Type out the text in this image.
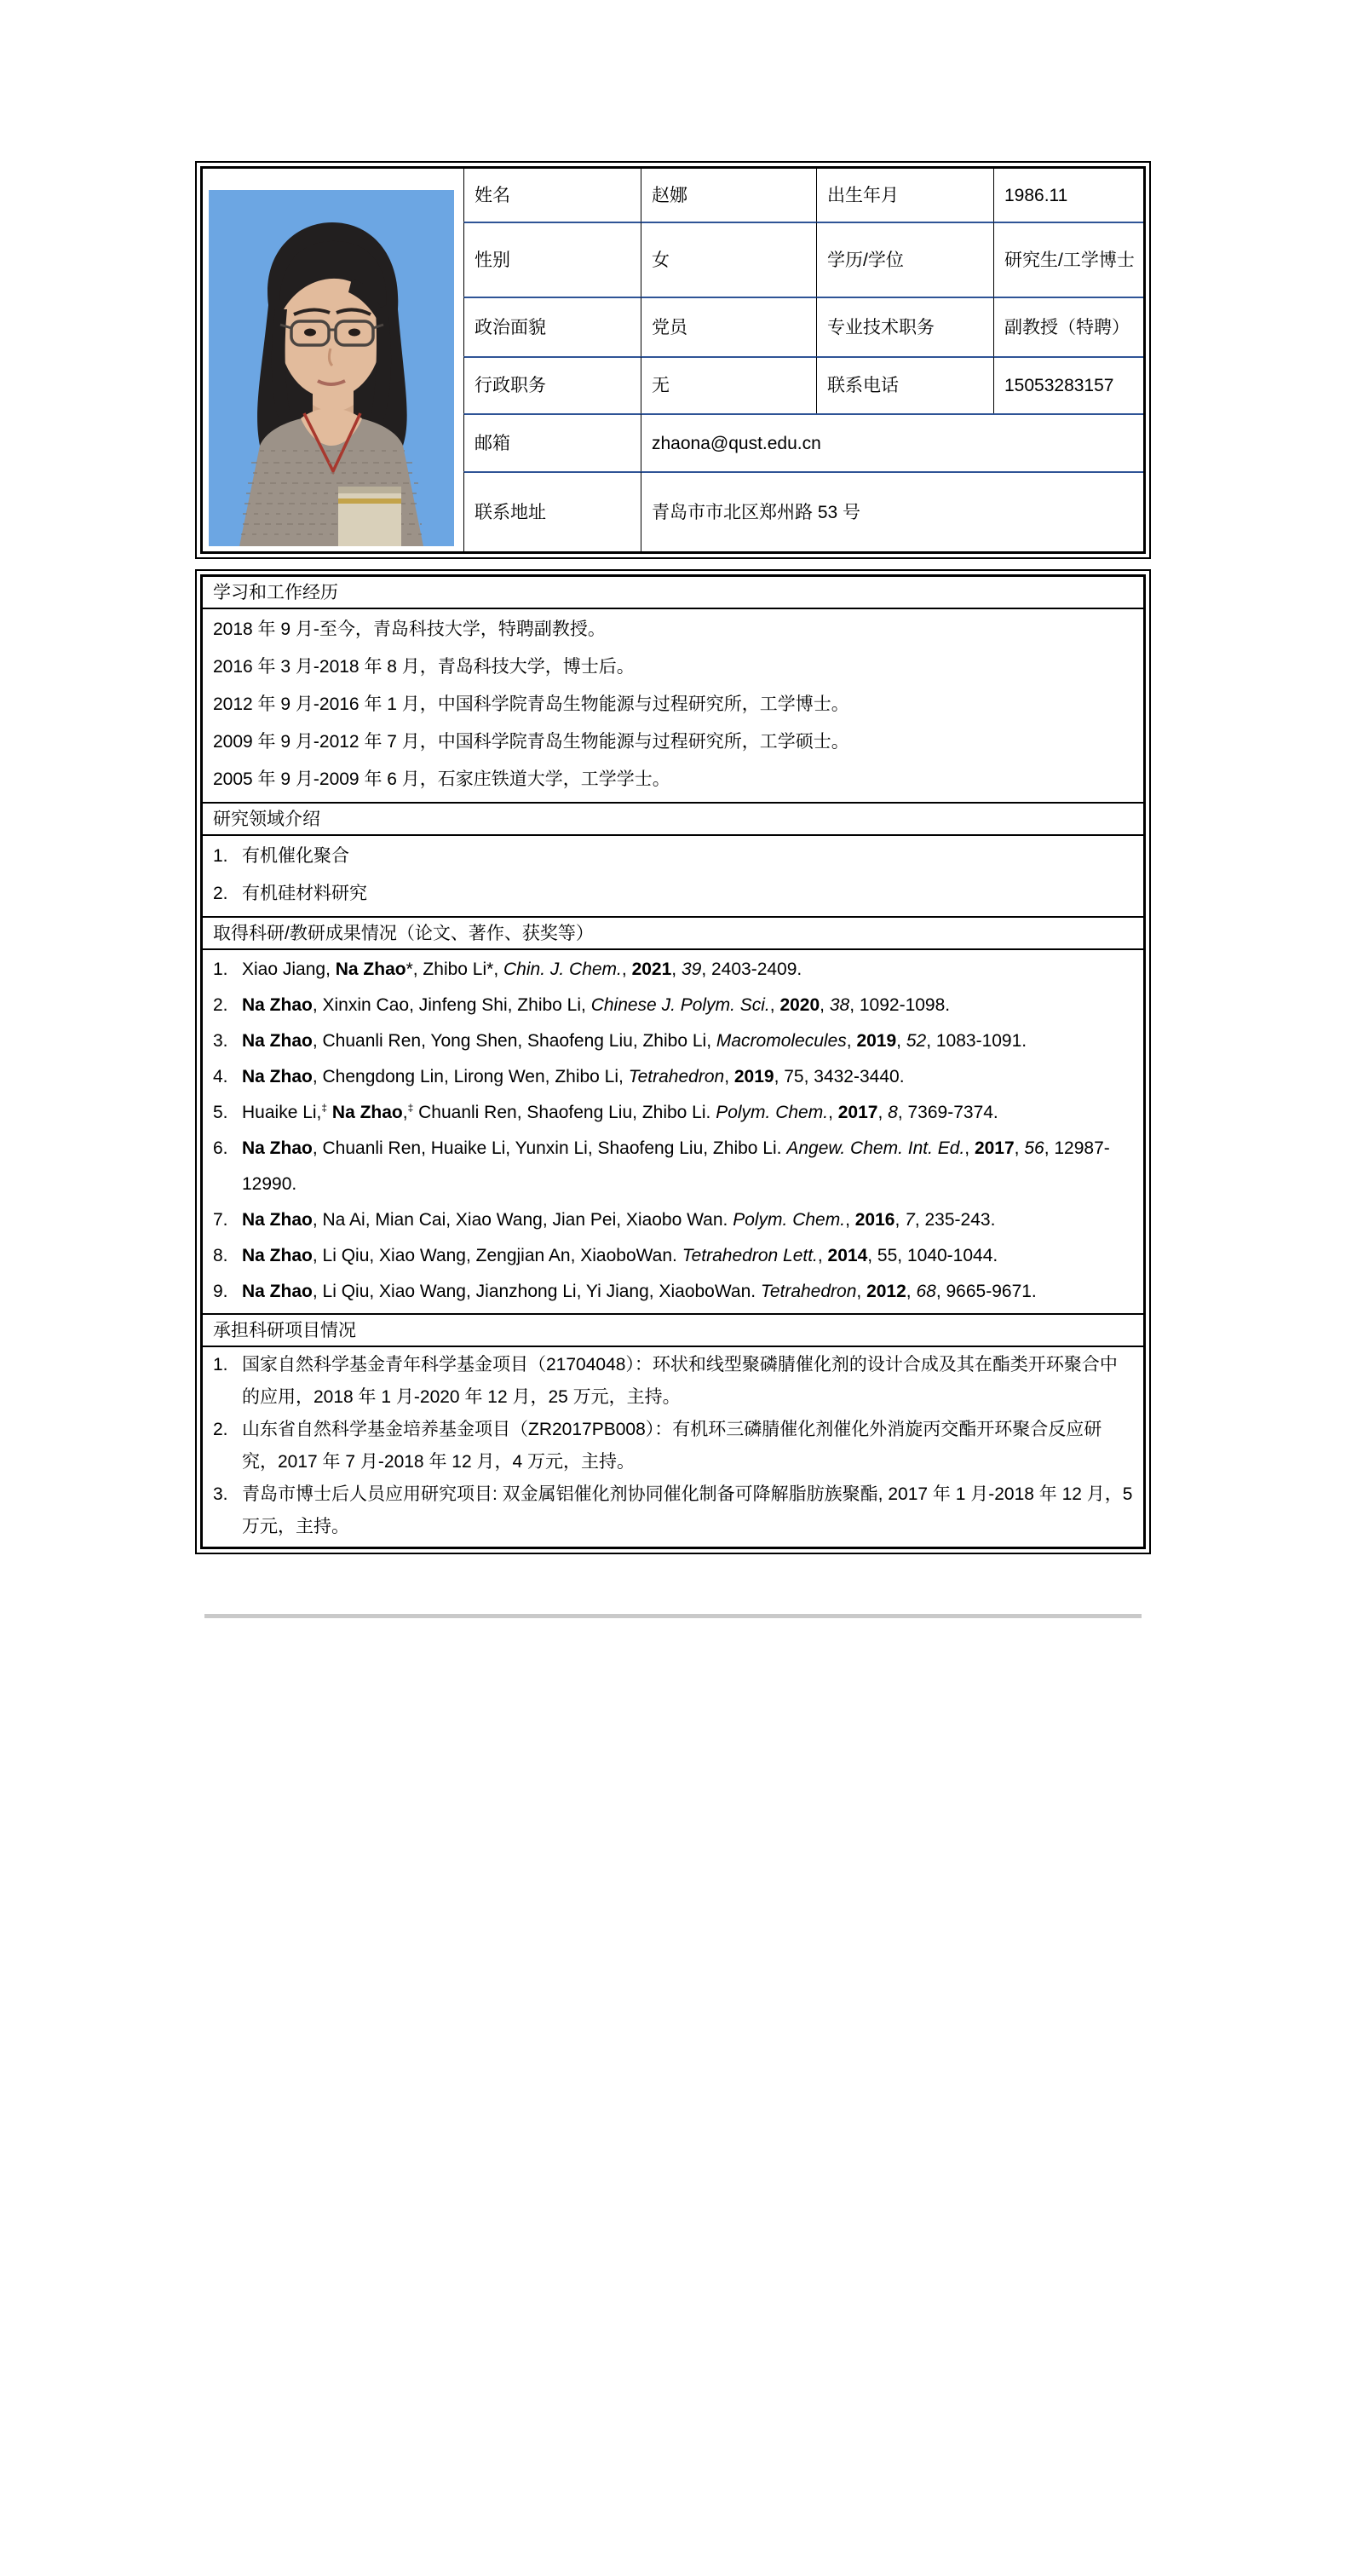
姓名	赵娜	出生年月	1986.11
性别	女	学历/学位	研究生/工学博士
政治面貌	党员	专业技术职务	副教授（特聘）
行政职务	无	联系电话	15053283157
邮箱	zhaona@qust.edu.cn
联系地址	青岛市市北区郑州路 53 号
学习和工作经历
2018 年 9 月-至今，青岛科技大学，特聘副教授。
2016 年 3 月-2018 年 8 月，青岛科技大学，博士后。
2012 年 9 月-2016 年 1 月，中国科学院青岛生物能源与过程研究所，工学博士。
2009 年 9 月-2012 年 7 月，中国科学院青岛生物能源与过程研究所，工学硕士。
2005 年 9 月-2009 年 6 月，石家庄铁道大学，工学学士。
研究领域介绍
1. 有机催化聚合
2. 有机硅材料研究
取得科研/教研成果情况（论文、著作、获奖等）
1. Xiao Jiang, Na Zhao*, Zhibo Li*, Chin. J. Chem., 2021, 39, 2403-2409.
2. Na Zhao, Xinxin Cao, Jinfeng Shi, Zhibo Li, Chinese J. Polym. Sci., 2020, 38, 1092-1098.
3. Na Zhao, Chuanli Ren, Yong Shen, Shaofeng Liu, Zhibo Li, Macromolecules, 2019, 52, 1083-1091.
4. Na Zhao, Chengdong Lin, Lirong Wen, Zhibo Li, Tetrahedron, 2019, 75, 3432-3440.
5. Huaike Li,‡ Na Zhao,‡ Chuanli Ren, Shaofeng Liu, Zhibo Li. Polym. Chem., 2017, 8, 7369-7374.
6. Na Zhao, Chuanli Ren, Huaike Li, Yunxin Li, Shaofeng Liu, Zhibo Li. Angew. Chem. Int. Ed., 2017, 56, 12987-12990.
7. Na Zhao, Na Ai, Mian Cai, Xiao Wang, Jian Pei, Xiaobo Wan. Polym. Chem., 2016, 7, 235-243.
8. Na Zhao, Li Qiu, Xiao Wang, Zengjian An, XiaoboWan. Tetrahedron Lett., 2014, 55, 1040-1044.
9. Na Zhao, Li Qiu, Xiao Wang, Jianzhong Li, Yi Jiang, XiaoboWan. Tetrahedron, 2012, 68, 9665-9671.
承担科研项目情况
1. 国家自然科学基金青年科学基金项目（21704048）：环状和线型聚磷腈催化剂的设计合成及其在酯类开环聚合中的应用，2018 年 1 月-2020 年 12 月，25 万元，主持。
2. 山东省自然科学基金培养基金项目（ZR2017PB008）：有机环三磷腈催化剂催化外消旋丙交酯开环聚合反应研究，2017 年 7 月-2018 年 12 月，4 万元，主持。
3. 青岛市博士后人员应用研究项目: 双金属铝催化剂协同催化制备可降解脂肪族聚酯, 2017 年 1 月-2018 年 12 月，5 万元，主持。
